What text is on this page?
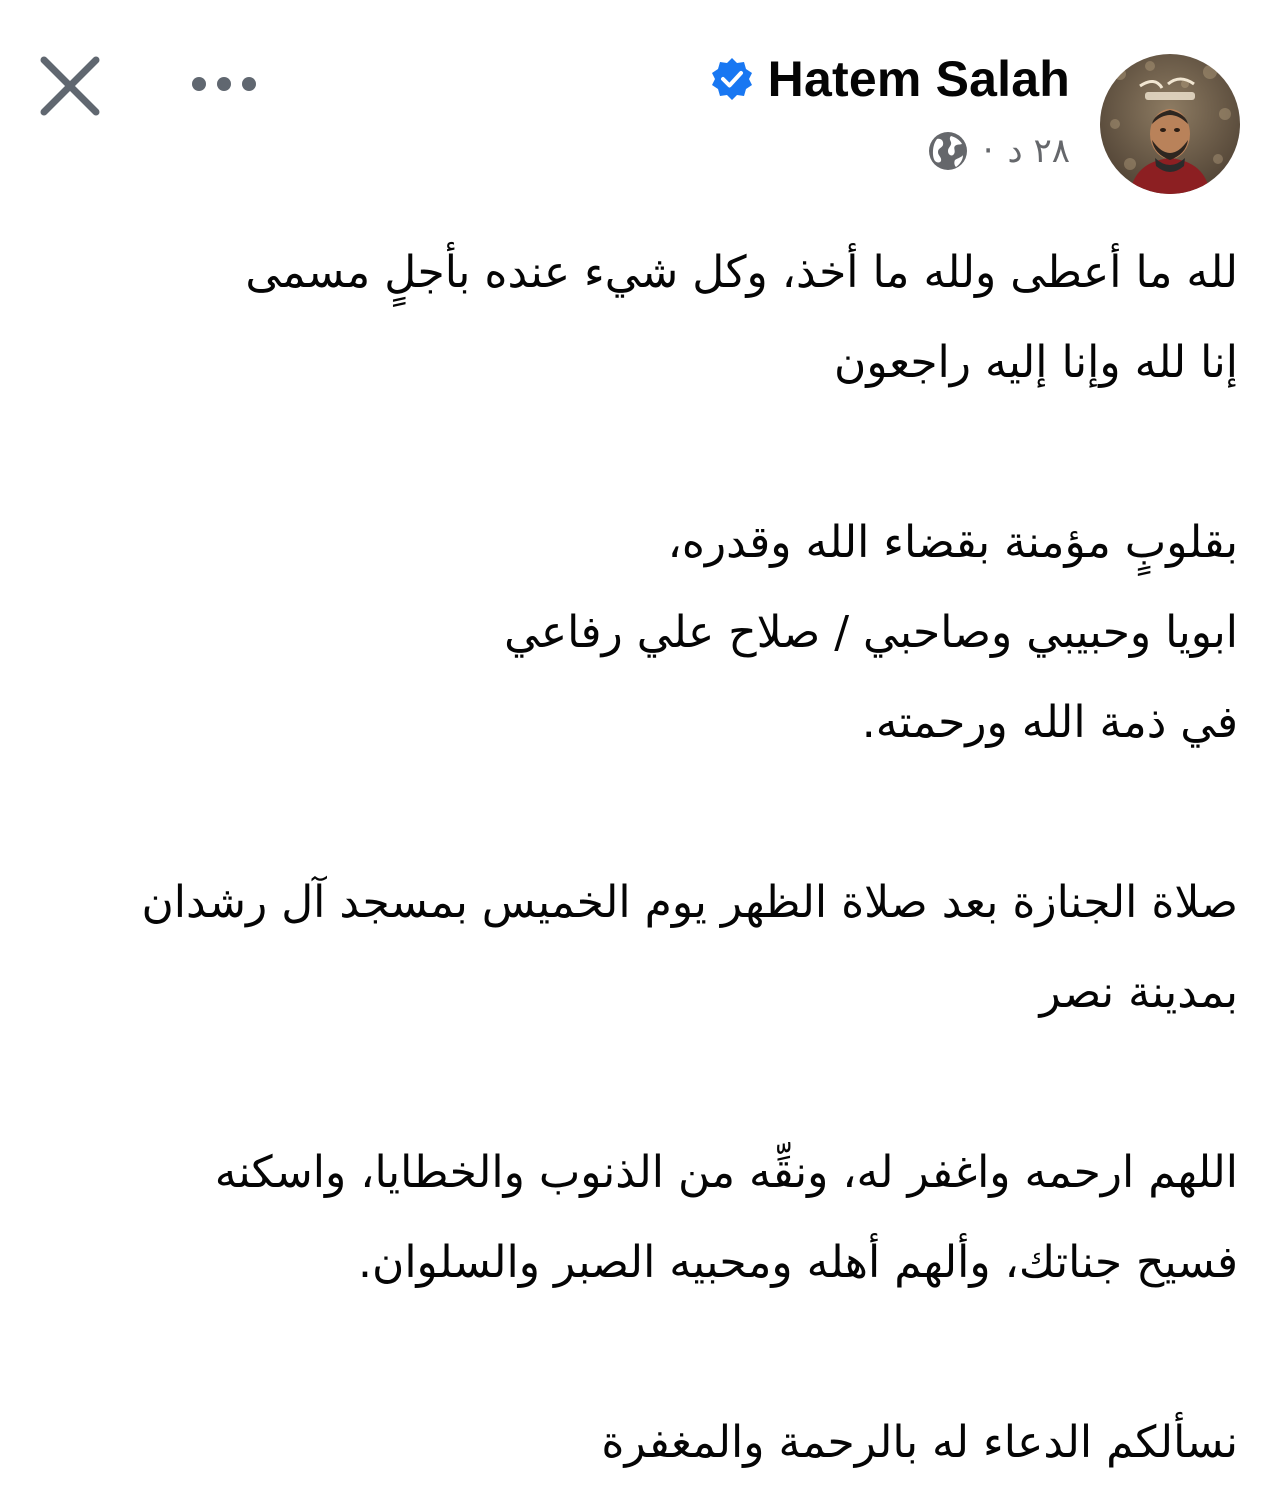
Hatem Salah
٢٨ د
·
لله ما أعطى ولله ما أخذ، وكل شيء عنده بأجلٍ مسمى
إنا لله وإنا إليه راجعون
بقلوبٍ مؤمنة بقضاء الله وقدره،
ابويا وحبيبي وصاحبي / صلاح علي رفاعي
في ذمة الله ورحمته.
صلاة الجنازة بعد صلاة الظهر يوم الخميس بمسجد آل رشدان
بمدينة نصر
اللهم ارحمه واغفر له، ونقِّه من الذنوب والخطايا، واسكنه
فسيح جناتك، وألهم أهله ومحبيه الصبر والسلوان.
نسألكم الدعاء له بالرحمة والمغفرة
